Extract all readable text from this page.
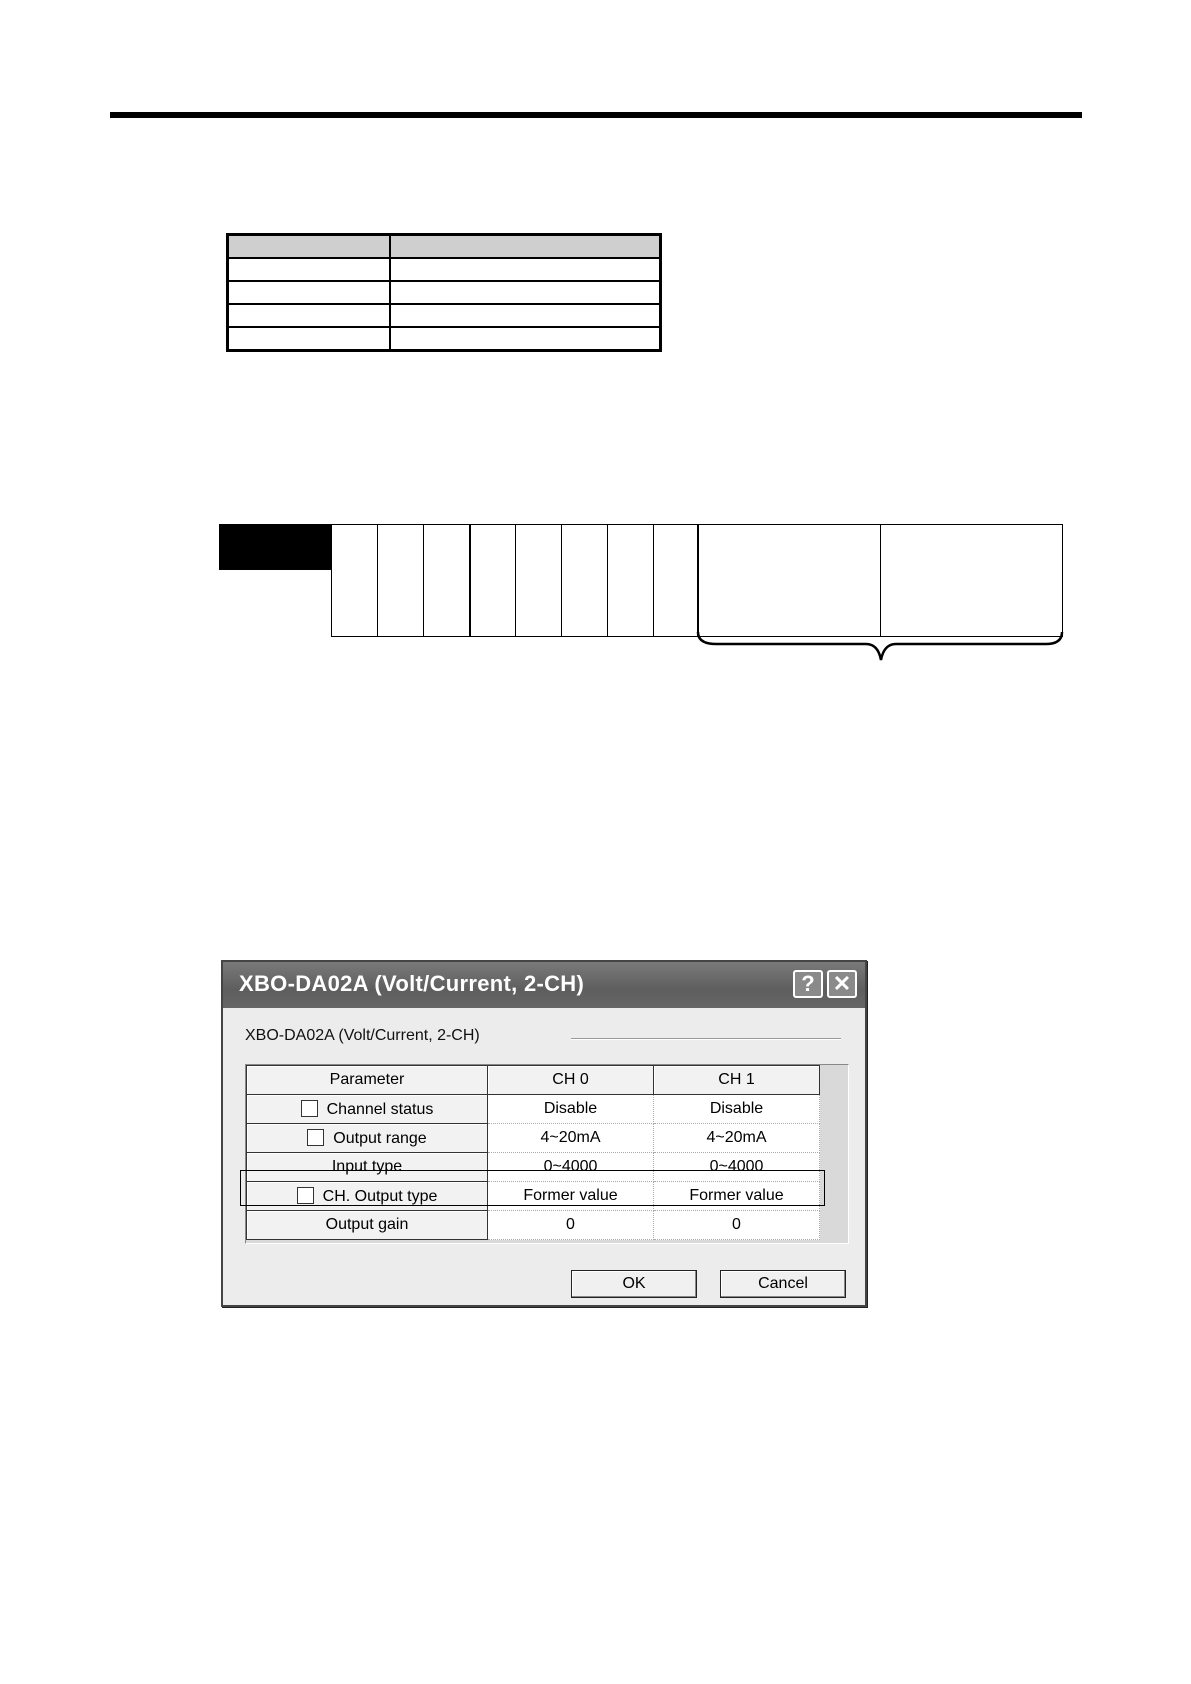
XBO-DA02A (Volt/Current, 2-CH)	? ✕
XBO-DA02A (Volt/Current, 2-CH)
Parameter	CH 0	CH 1
Channel status	Disable	Disable
Output range	4~20mA	4~20mA
Input type	0~4000	0~4000
CH. Output type	Former value	Former value
Output gain	0	0
OK	Cancel
